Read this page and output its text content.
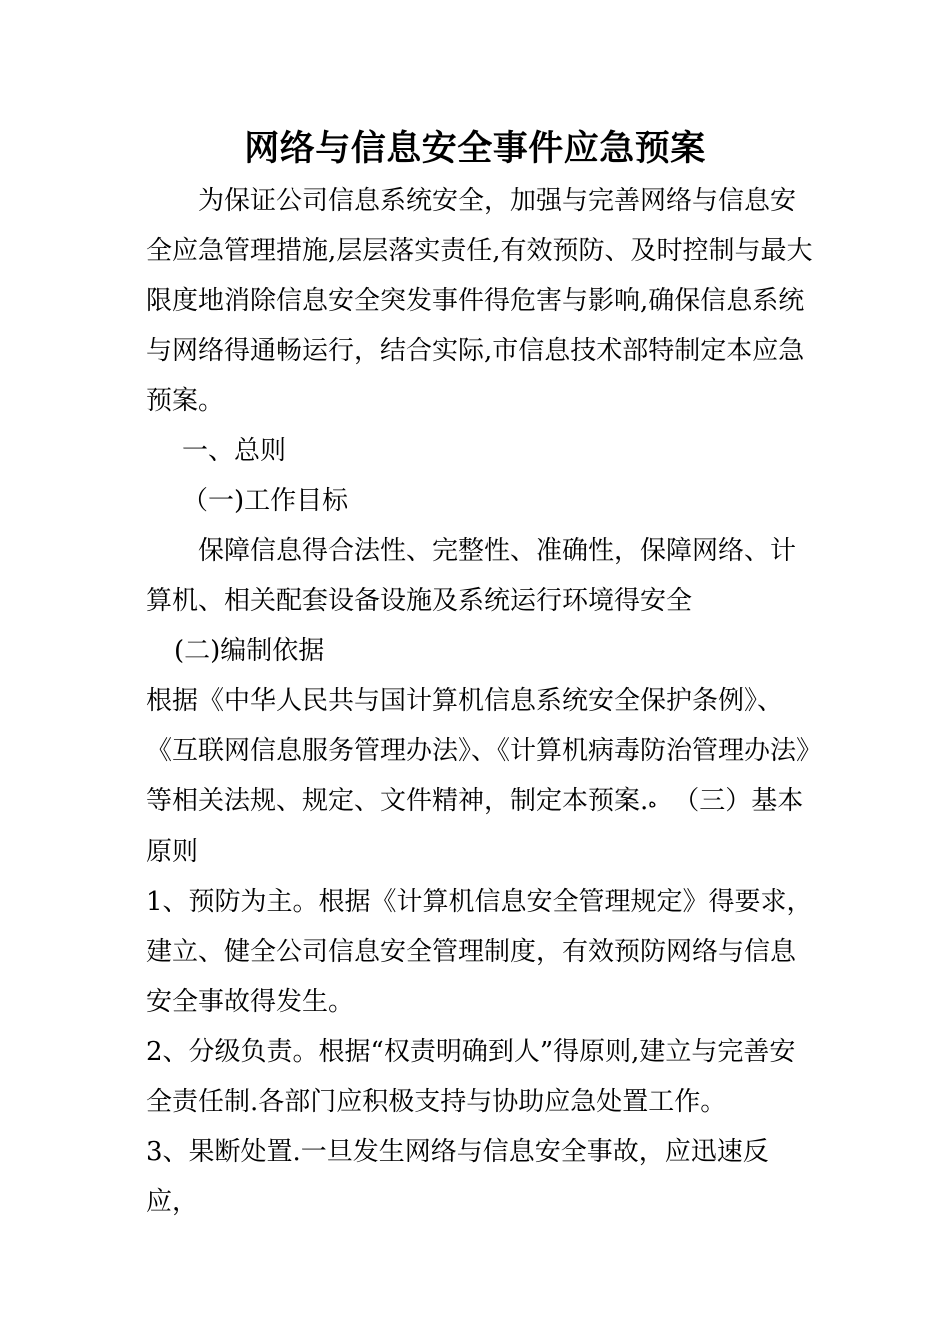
网络与信息安全事件应急预案

为保证公司信息系统安全，加强与完善网络与信息安全应急管理措施,层层落实责任,有效预防、及时控制与最大限度地消除信息安全突发事件得危害与影响,确保信息系统与网络得通畅运行，结合实际,市信息技术部特制定本应急预案。

一、总则

（一)工作目标

保障信息得合法性、完整性、准确性，保障网络、计算机、相关配套设备设施及系统运行环境得安全

(二)编制依据

根据《中华人民共与国计算机信息系统安全保护条例》、《互联网信息服务管理办法》、《计算机病毒防治管理办法》等相关法规、规定、文件精神，制定本预案.ه （三）基本原则

1、预防为主。根据《计算机信息安全管理规定》得要求，建立、健全公司信息安全管理制度，有效预防网络与信息安全事故得发生。

2、分级负责。根据“权责明确到人”得原则,建立与完善安全责任制.各部门应积极支持与协助应急处置工作。

3、果断处置.一旦发生网络与信息安全事故，应迅速反应，
